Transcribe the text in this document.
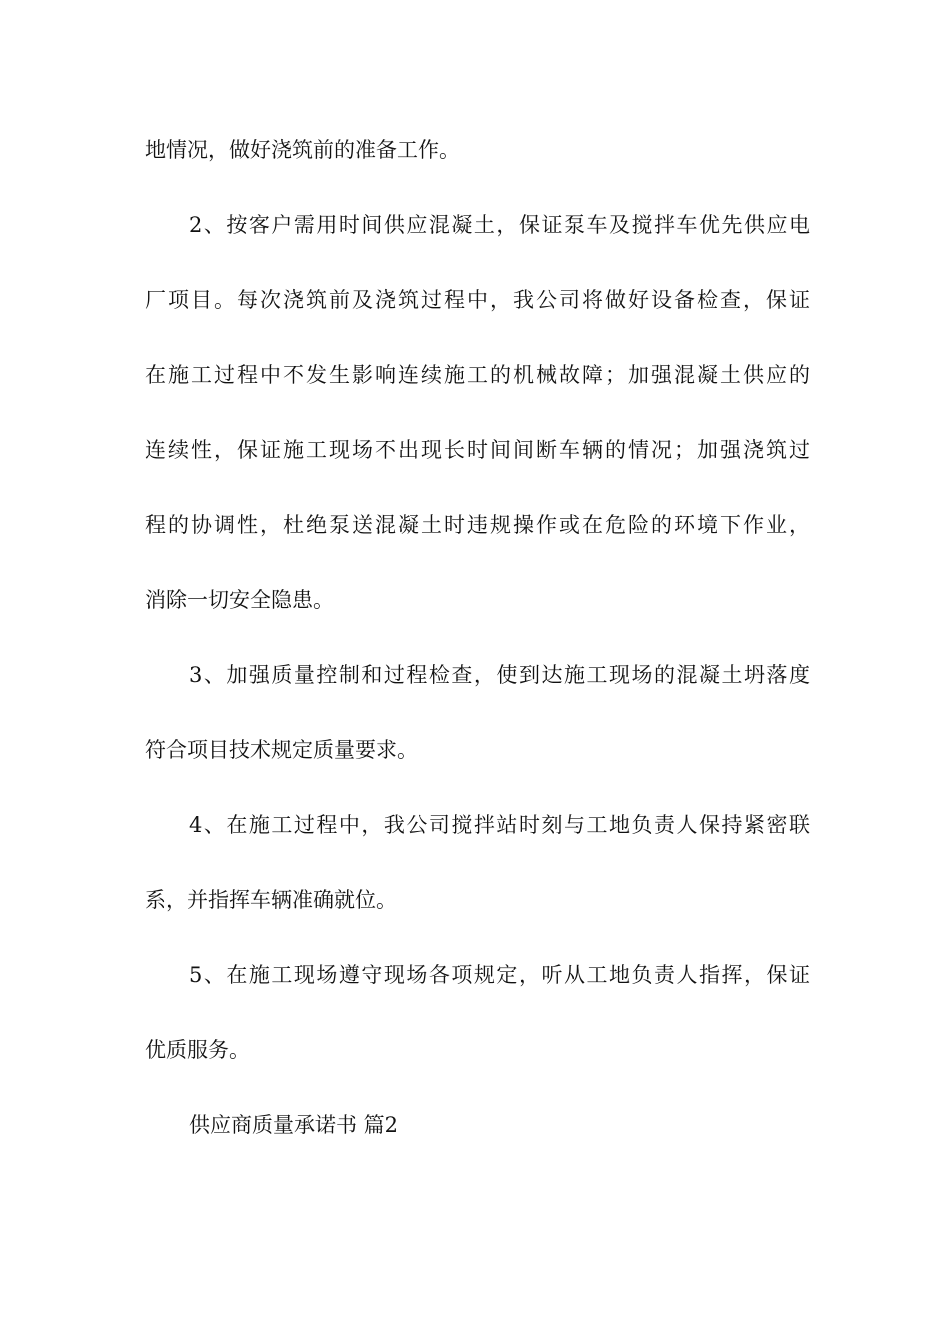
地情况，做好浇筑前的准备工作。
2、按客户需用时间供应混凝土，保证泵车及搅拌车优先供应电
厂项目。每次浇筑前及浇筑过程中，我公司将做好设备检查，保证
在施工过程中不发生影响连续施工的机械故障；加强混凝土供应的
连续性，保证施工现场不出现长时间间断车辆的情况；加强浇筑过
程的协调性，杜绝泵送混凝土时违规操作或在危险的环境下作业，
消除一切安全隐患。
3、加强质量控制和过程检查，使到达施工现场的混凝土坍落度
符合项目技术规定质量要求。
4、在施工过程中，我公司搅拌站时刻与工地负责人保持紧密联
系，并指挥车辆准确就位。
5、在施工现场遵守现场各项规定，听从工地负责人指挥，保证
优质服务。
供应商质量承诺书 篇2
